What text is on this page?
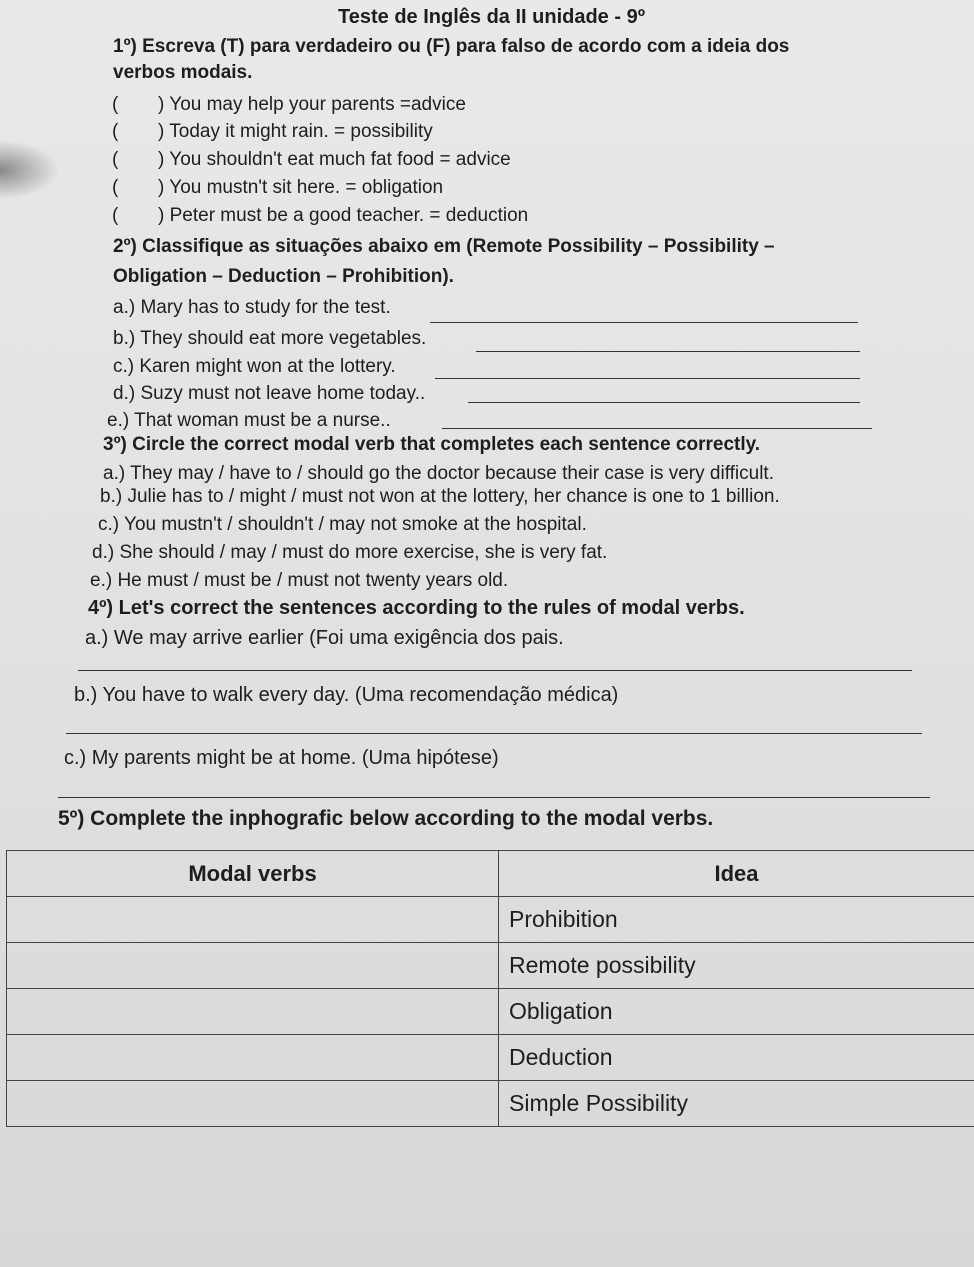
Teste de Inglês da II unidade - 9º
1º) Escreva (T) para verdadeiro ou (F) para falso de acordo com a ideia dos
verbos modais.
( ) You may help your parents =advice
( ) Today it might rain. = possibility
( ) You shouldn't eat much fat food = advice
( ) You mustn't sit here. = obligation
( ) Peter must be a good teacher. = deduction
2º) Classifique as situações abaixo em (Remote Possibility – Possibility –
Obligation – Deduction – Prohibition).
a.) Mary has to study for the test.
b.) They should eat more vegetables.
c.) Karen might won at the lottery.
d.) Suzy must not leave home today..
e.) That woman must be a nurse..
3º) Circle the correct modal verb that completes each sentence correctly.
a.) They may / have to / should go the doctor because their case is very difficult.
b.) Julie has to / might / must not won at the lottery, her chance is one to 1 billion.
c.) You mustn't / shouldn't / may not smoke at the hospital.
d.) She should / may / must do more exercise, she is very fat.
e.) He must / must be / must not twenty years old.
4º) Let's correct the sentences according to the rules of modal verbs.
a.) We may arrive earlier (Foi uma exigência dos pais.
b.) You have to walk every day. (Uma recomendação médica)
c.) My parents might be at home. (Uma hipótese)
5º) Complete the inphografic below according to the modal verbs.
Modal verbs	Idea
	Prohibition
	Remote possibility
	Obligation
	Deduction
	Simple Possibility
